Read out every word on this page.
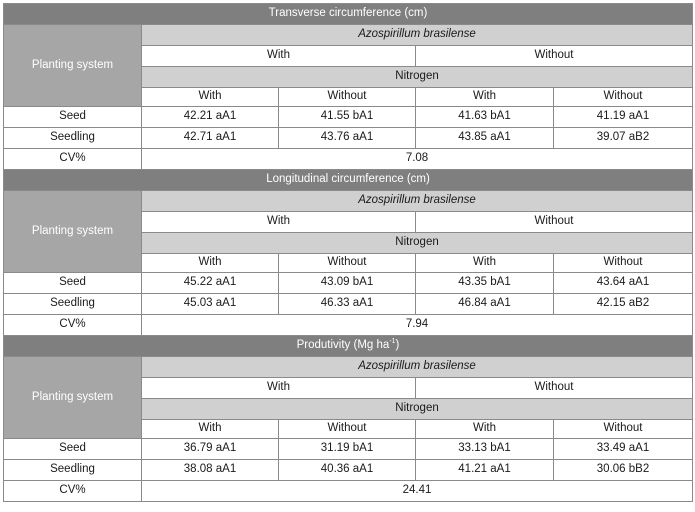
Transverse circumference (cm)				
Planting system	Azospirillum brasilense			
	With		Without	
	Nitrogen			
	With	Without	With	Without
Seed	42.21 aA1	41.55 bA1	41.63 bA1	41.19 aA1
Seedling	42.71 aA1	43.76 aA1	43.85 aA1	39.07 aB2
CV%	7.08			
Longitudinal circumference (cm)				
Planting system	Azospirillum brasilense			
	With		Without	
	Nitrogen			
	With	Without	With	Without
Seed	45.22 aA1	43.09 bA1	43.35 bA1	43.64 aA1
Seedling	45.03 aA1	46.33 aA1	46.84 aA1	42.15 aB2
CV%	7.94			
Produtivity (Mg $ha^{-1}$)				
Planting system	Azospirillum brasilense			
	With		Without	
	Nitrogen			
	With	Without	With	Without
Seed	36.79 aA1	31.19 bA1	33.13 bA1	33.49 aA1
Seedling	38.08 aA1	40.36 aA1	41.21 aA1	30.06 bB2
CV%	24.41			
